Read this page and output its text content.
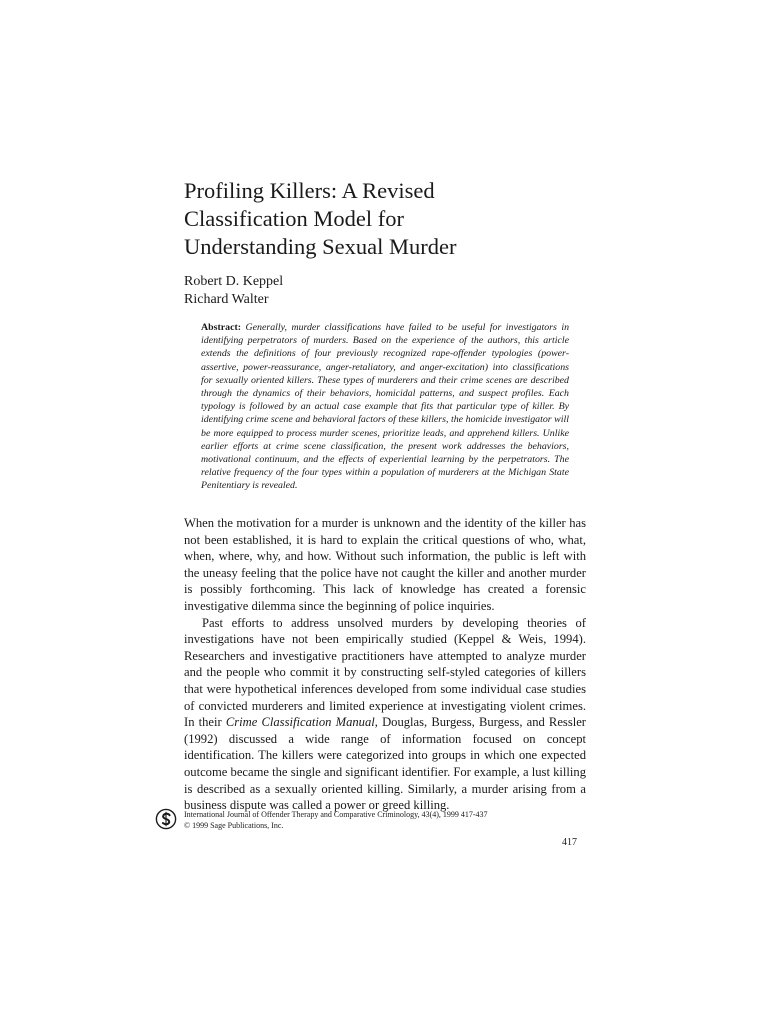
Profiling Killers: A Revised
Classification Model for
Understanding Sexual Murder
Robert D. Keppel
Richard Walter

Abstract: Generally, murder classifications have failed to be useful for investigators in identifying perpetrators of murders. Based on the experience of the authors, this article extends the definitions of four previously recognized rape-offender typologies (power-assertive, power-reassurance, anger-retaliatory, and anger-excitation) into classifications for sexually oriented killers. These types of murderers and their crime scenes are described through the dynamics of their behaviors, homicidal patterns, and suspect profiles. Each typology is followed by an actual case example that fits that particular type of killer. By identifying crime scene and behavioral factors of these killers, the homicide investigator will be more equipped to process murder scenes, prioritize leads, and apprehend killers. Unlike earlier efforts at crime scene classification, the present work addresses the behaviors, motivational continuum, and the effects of experiential learning by the perpetrators. The relative frequency of the four types within a population of murderers at the Michigan State Penitentiary is revealed.

When the motivation for a murder is unknown and the identity of the killer has not been established, it is hard to explain the critical questions of who, what, when, where, why, and how. Without such information, the public is left with the uneasy feeling that the police have not caught the killer and another murder is possibly forthcoming. This lack of knowledge has created a forensic investigative dilemma since the beginning of police inquiries.

Past efforts to address unsolved murders by developing theories of investigations have not been empirically studied (Keppel & Weis, 1994). Researchers and investigative practitioners have attempted to analyze murder and the people who commit it by constructing self-styled categories of killers that were hypothetical inferences developed from some individual case studies of convicted murderers and limited experience at investigating violent crimes. In their Crime Classification Manual, Douglas, Burgess, Burgess, and Ressler (1992) discussed a wide range of information focused on concept identification. The killers were categorized into groups in which one expected outcome became the single and significant identifier. For example, a lust killing is described as a sexually oriented killing. Similarly, a murder arising from a business dispute was called a power or greed killing.

International Journal of Offender Therapy and Comparative Criminology, 43(4), 1999 417-437
© 1999 Sage Publications, Inc.
417
